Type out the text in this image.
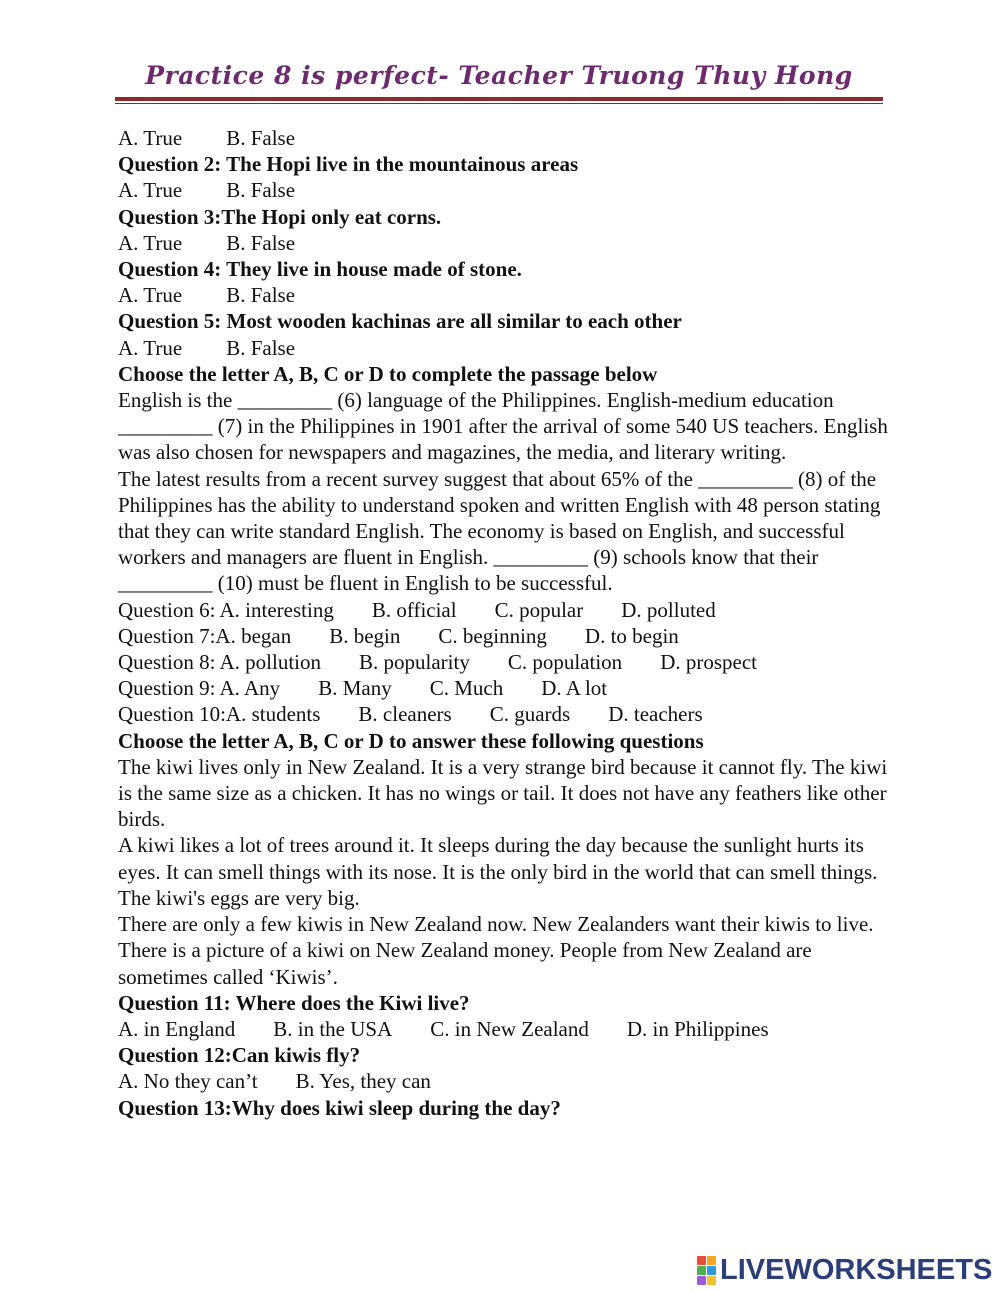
Practice 8 is perfect- Teacher Truong Thuy Hong
A. True B. False
Question 2: The Hopi live in the mountainous areas
A. True B. False
Question 3:The Hopi only eat corns.
A. True B. False
Question 4: They live in house made of stone.
A. True B. False
Question 5: Most wooden kachinas are all similar to each other
A. True B. False
Choose the letter A, B, C or D to complete the passage below
English is the _________ (6) language of the Philippines. English-medium education _________ (7) in the Philippines in 1901 after the arrival of some 540 US teachers. English was also chosen for newspapers and magazines, the media, and literary writing.
The latest results from a recent survey suggest that about 65% of the _________ (8) of the Philippines has the ability to understand spoken and written English with 48 person stating that they can write standard English. The economy is based on English, and successful workers and managers are fluent in English. _________ (9) schools know that their _________ (10) must be fluent in English to be successful.
Question 6: A. interesting B. official C. popular D. polluted
Question 7:A. began B. begin C. beginning D. to begin
Question 8: A. pollution B. popularity C. population D. prospect
Question 9: A. Any B. Many C. Much D. A lot
Question 10:A. students B. cleaners C. guards D. teachers
Choose the letter A, B, C or D to answer these following questions
The kiwi lives only in New Zealand. It is a very strange bird because it cannot fly. The kiwi is the same size as a chicken. It has no wings or tail. It does not have any feathers like other birds.
A kiwi likes a lot of trees around it. It sleeps during the day because the sunlight hurts its eyes. It can smell things with its nose. It is the only bird in the world that can smell things. The kiwi's eggs are very big.
There are only a few kiwis in New Zealand now. New Zealanders want their kiwis to live. There is a picture of a kiwi on New Zealand money. People from New Zealand are sometimes called ‘Kiwis’.
Question 11: Where does the Kiwi live?
A. in England B. in the USA C. in New Zealand D. in Philippines
Question 12:Can kiwis fly?
A. No they can’t B. Yes, they can
Question 13:Why does kiwi sleep during the day?
LIVEWORKSHEETS
